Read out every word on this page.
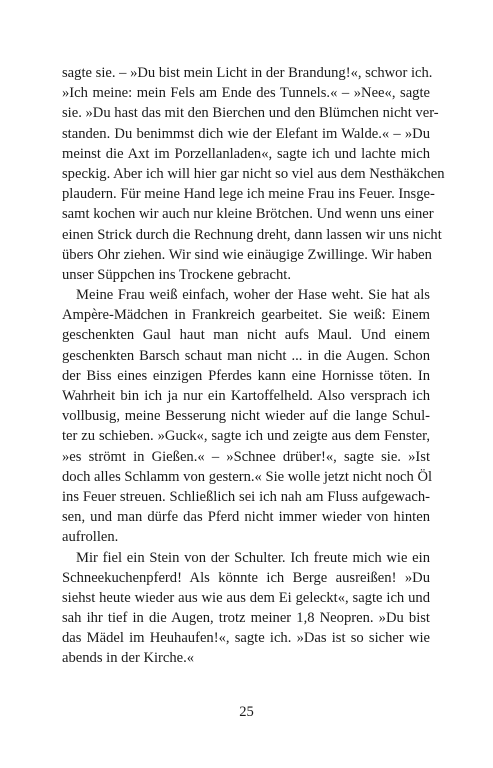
sagte sie. – »Du bist mein Licht in der Brandung!«, schwor ich.
»Ich meine: mein Fels am Ende des Tunnels.« – »Nee«, sagte
sie. »Du hast das mit den Bierchen und den Blümchen nicht ver-
standen. Du benimmst dich wie der Elefant im Walde.« – »Du
meinst die Axt im Porzellanladen«, sagte ich und lachte mich
speckig. Aber ich will hier gar nicht so viel aus dem Nesthäkchen
plaudern. Für meine Hand lege ich meine Frau ins Feuer. Insge-
samt kochen wir auch nur kleine Brötchen. Und wenn uns einer
einen Strick durch die Rechnung dreht, dann lassen wir uns nicht
übers Ohr ziehen. Wir sind wie einäugige Zwillinge. Wir haben
unser Süppchen ins Trockene gebracht.
Meine Frau weiß einfach, woher der Hase weht. Sie hat als
Ampère-Mädchen in Frankreich gearbeitet. Sie weiß: Einem
geschenkten Gaul haut man nicht aufs Maul. Und einem
geschenkten Barsch schaut man nicht ... in die Augen. Schon
der Biss eines einzigen Pferdes kann eine Hornisse töten. In
Wahrheit bin ich ja nur ein Kartoffelheld. Also versprach ich
vollbusig, meine Besserung nicht wieder auf die lange Schul-
ter zu schieben. »Guck«, sagte ich und zeigte aus dem Fenster,
»es strömt in Gießen.« – »Schnee drüber!«, sagte sie. »Ist
doch alles Schlamm von gestern.« Sie wolle jetzt nicht noch Öl
ins Feuer streuen. Schließlich sei ich nah am Fluss aufgewach-
sen, und man dürfe das Pferd nicht immer wieder von hinten
aufrollen.
Mir fiel ein Stein von der Schulter. Ich freute mich wie ein
Schneekuchenpferd! Als könnte ich Berge ausreißen! »Du
siehst heute wieder aus wie aus dem Ei geleckt«, sagte ich und
sah ihr tief in die Augen, trotz meiner 1,8 Neopren. »Du bist
das Mädel im Heuhaufen!«, sagte ich. »Das ist so sicher wie
abends in der Kirche.«
25
